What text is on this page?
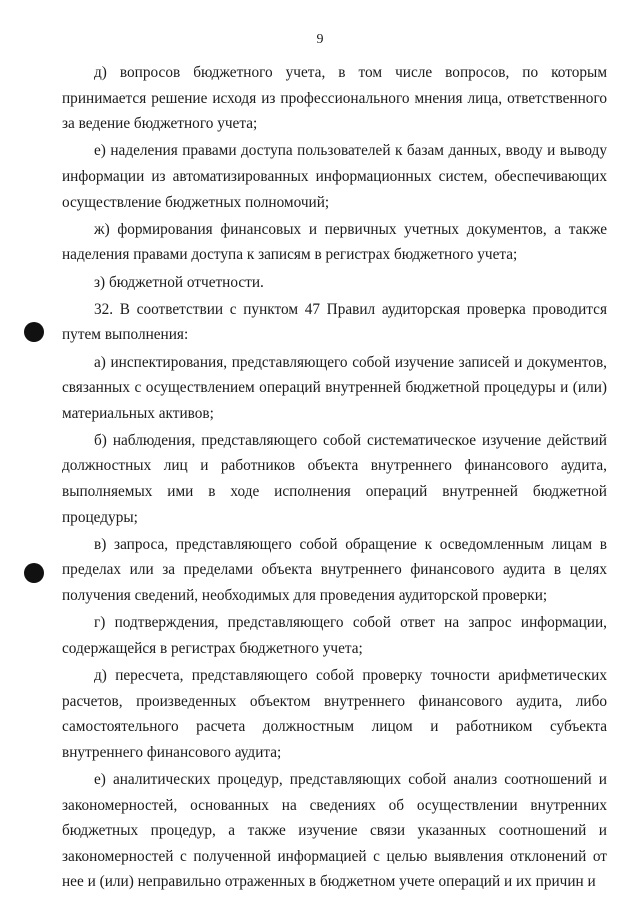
9

д) вопросов бюджетного учета, в том числе вопросов, по которым принимается решение исходя из профессионального мнения лица, ответственного за ведение бюджетного учета;

е) наделения правами доступа пользователей к базам данных, вводу и выводу информации из автоматизированных информационных систем, обеспечивающих осуществление бюджетных полномочий;

ж) формирования финансовых и первичных учетных документов, а также наделения правами доступа к записям в регистрах бюджетного учета;

з) бюджетной отчетности.

32. В соответствии с пунктом 47 Правил аудиторская проверка проводится путем выполнения:

а) инспектирования, представляющего собой изучение записей и документов, связанных с осуществлением операций внутренней бюджетной процедуры и (или) материальных активов;

б) наблюдения, представляющего собой систематическое изучение действий должностных лиц и работников объекта внутреннего финансового аудита, выполняемых ими в ходе исполнения операций внутренней бюджетной процедуры;

в) запроса, представляющего собой обращение к осведомленным лицам в пределах или за пределами объекта внутреннего финансового аудита в целях получения сведений, необходимых для проведения аудиторской проверки;

г) подтверждения, представляющего собой ответ на запрос информации, содержащейся в регистрах бюджетного учета;

д) пересчета, представляющего собой проверку точности арифметических расчетов, произведенных объектом внутреннего финансового аудита, либо самостоятельного расчета должностным лицом и работником субъекта внутреннего финансового аудита;

е) аналитических процедур, представляющих собой анализ соотношений и закономерностей, основанных на сведениях об осуществлении внутренних бюджетных процедур, а также изучение связи указанных соотношений и закономерностей с полученной информацией с целью выявления отклонений от нее и (или) неправильно отраженных в бюджетном учете операций и их причин и
